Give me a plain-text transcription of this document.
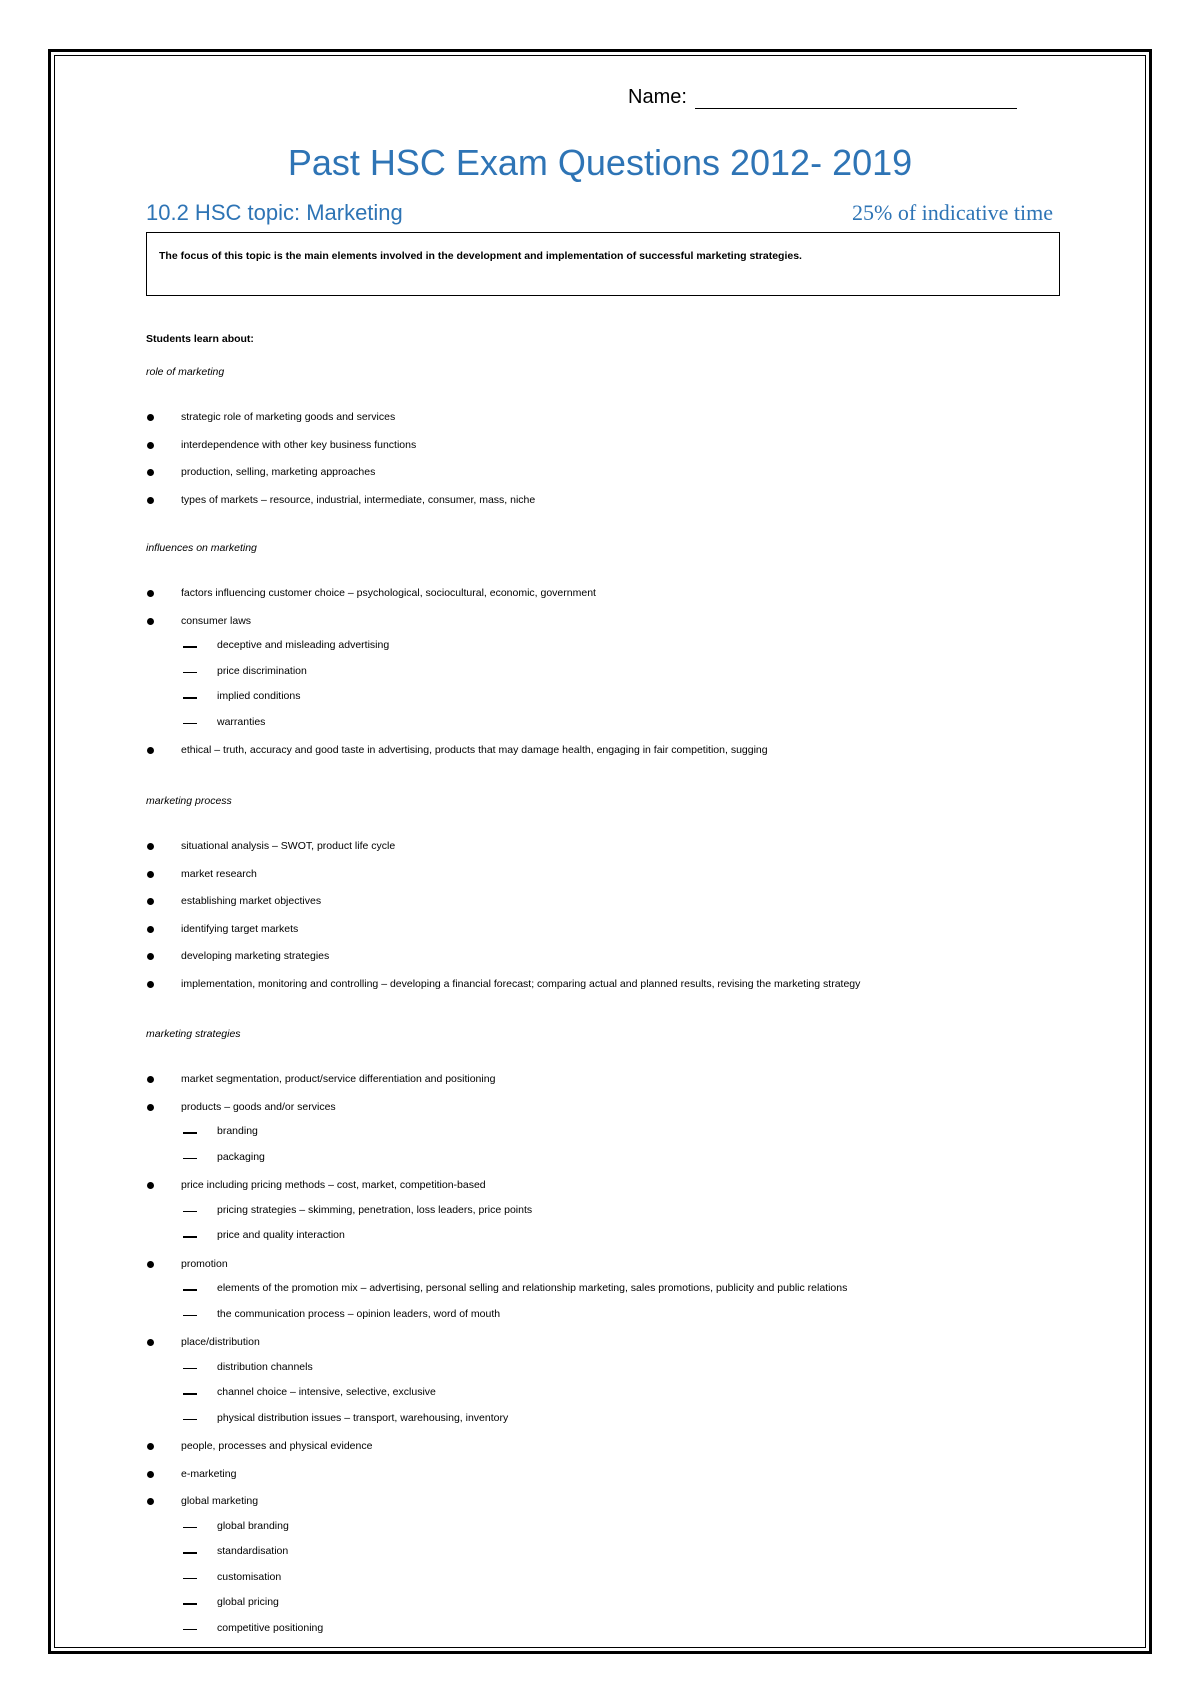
Name:
Past HSC Exam Questions 2012- 2019
10.2 HSC topic: Marketing	25% of indicative time
The focus of this topic is the main elements involved in the development and implementation of successful marketing strategies.
Students learn about:
role of marketing
strategic role of marketing goods and services
interdependence with other key business functions
production, selling, marketing approaches
types of markets – resource, industrial, intermediate, consumer, mass, niche
influences on marketing
factors influencing customer choice – psychological, sociocultural, economic, government
consumer laws
deceptive and misleading advertising
price discrimination
implied conditions
warranties
ethical – truth, accuracy and good taste in advertising, products that may damage health, engaging in fair competition, sugging
marketing process
situational analysis – SWOT, product life cycle
market research
establishing market objectives
identifying target markets
developing marketing strategies
implementation, monitoring and controlling – developing a financial forecast; comparing actual and planned results, revising the marketing strategy
marketing strategies
market segmentation, product/service differentiation and positioning
products – goods and/or services
branding
packaging
price including pricing methods – cost, market, competition-based
pricing strategies – skimming, penetration, loss leaders, price points
price and quality interaction
promotion
elements of the promotion mix – advertising, personal selling and relationship marketing, sales promotions, publicity and public relations
the communication process – opinion leaders, word of mouth
place/distribution
distribution channels
channel choice – intensive, selective, exclusive
physical distribution issues – transport, warehousing, inventory
people, processes and physical evidence
e-marketing
global marketing
global branding
standardisation
customisation
global pricing
competitive positioning
